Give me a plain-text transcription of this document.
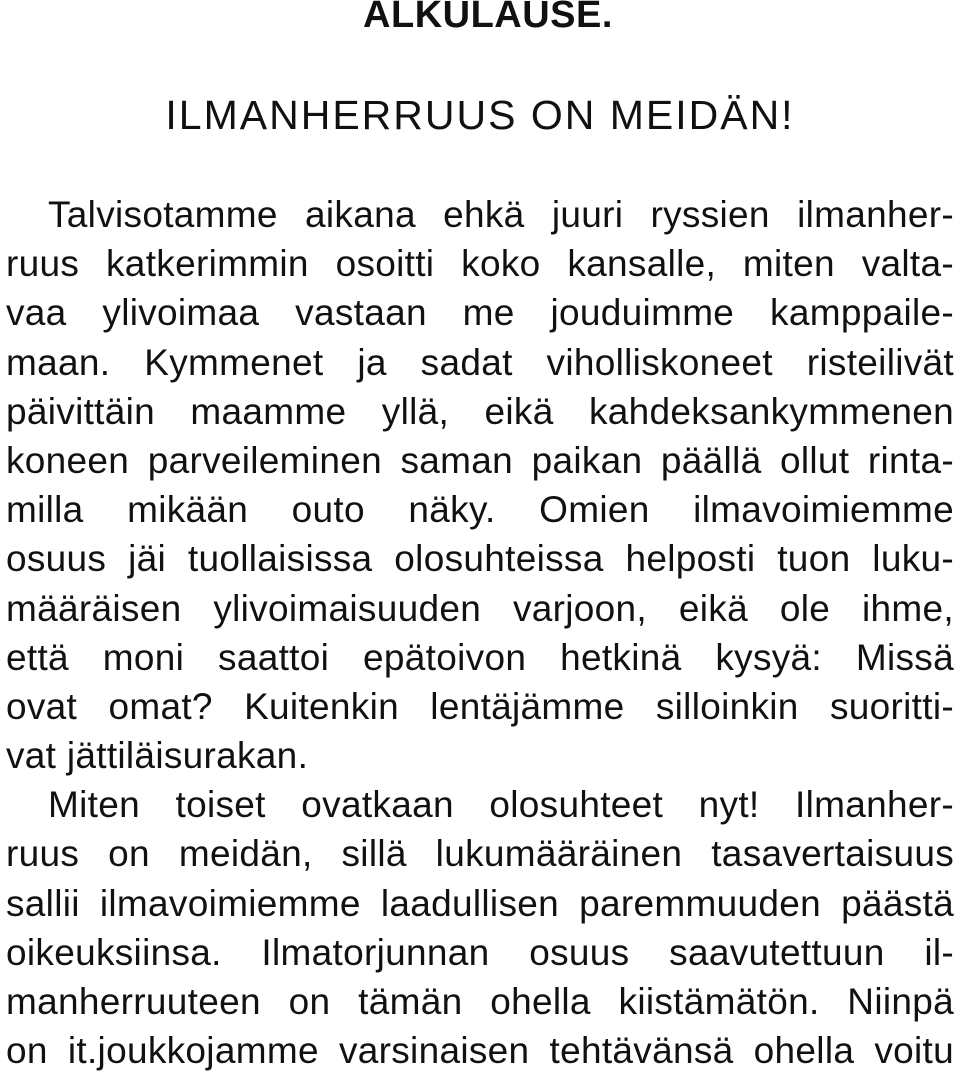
ALKULAUSE.
ILMANHERRUUS ON MEIDÄN!
Talvisotamme aikana ehkä juuri ryssien ilmanher-
ruus katkerimmin osoitti koko kansalle, miten valta-
vaa ylivoimaa vastaan me jouduimme kamppaile-
maan. Kymmenet ja sadat viholliskoneet risteilivät
päivittäin maamme yllä, eikä kahdeksankymmenen
koneen parveileminen saman paikan päällä ollut rinta-
milla mikään outo näky. Omien ilmavoimiemme
osuus jäi tuollaisissa olosuhteissa helposti tuon luku-
määräisen ylivoimaisuuden varjoon, eikä ole ihme,
että moni saattoi epätoivon hetkinä kysyä: Missä
ovat omat? Kuitenkin lentäjämme silloinkin suoritti-
vat jättiläisurakan.
Miten toiset ovatkaan olosuhteet nyt! Ilmanher-
ruus on meidän, sillä lukumääräinen tasavertaisuus
sallii ilmavoimiemme laadullisen paremmuuden päästä
oikeuksiinsa. Ilmatorjunnan osuus saavutettuun il-
manherruuteen on tämän ohella kiistämätön. Niinpä
on it.joukkojamme varsinaisen tehtävänsä ohella voitu
